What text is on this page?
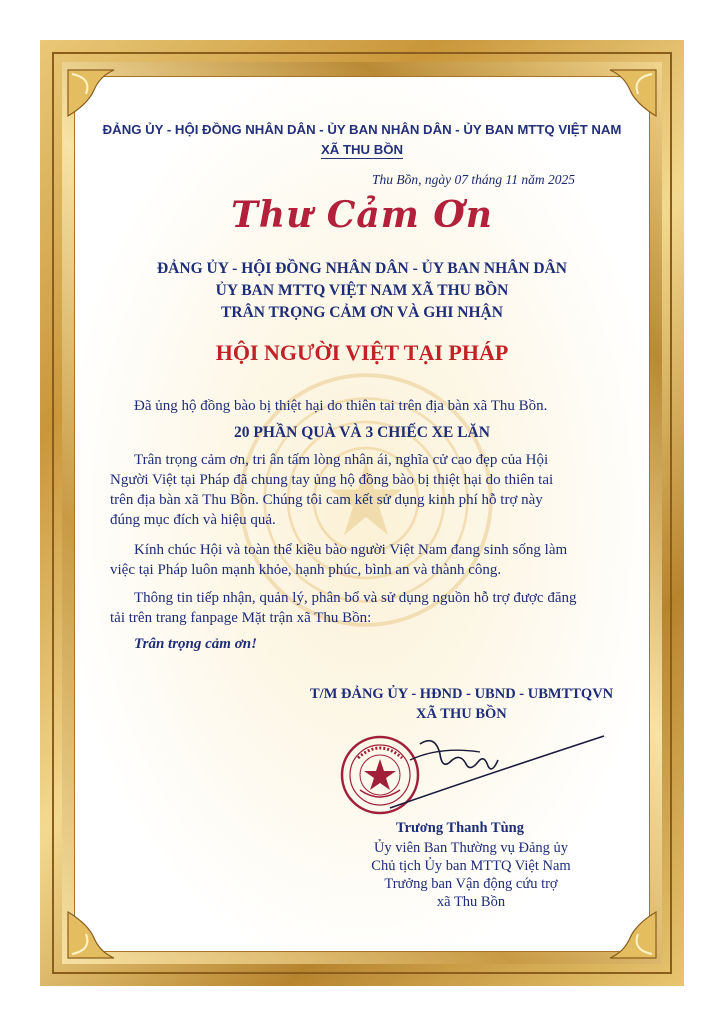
ĐẢNG ỦY - HỘI ĐỒNG NHÂN DÂN - ỦY BAN NHÂN DÂN - ỦY BAN MTTQ VIỆT NAM
XÃ THU BỒN
Thu Bồn, ngày 07 tháng 11 năm 2025
Thư Cảm Ơn
ĐẢNG ỦY - HỘI ĐỒNG NHÂN DÂN - ỦY BAN NHÂN DÂN
ỦY BAN MTTQ VIỆT NAM XÃ THU BỒN
TRÂN TRỌNG CẢM ƠN VÀ GHI NHẬN
HỘI NGƯỜI VIỆT TẠI PHÁP
Đã ủng hộ đồng bào bị thiệt hại do thiên tai trên địa bàn xã Thu Bồn.
20 PHẦN QUÀ VÀ 3 CHIẾC XE LĂN
Trân trọng cảm ơn, tri ân tấm lòng nhân ái, nghĩa cử cao đẹp của Hội
Người Việt tại Pháp đã chung tay ủng hộ đồng bào bị thiệt hại do thiên tai
trên địa bàn xã Thu Bồn. Chúng tôi cam kết sử dụng kinh phí hỗ trợ này
đúng mục đích và hiệu quả.
Kính chúc Hội và toàn thể kiều bào người Việt Nam đang sinh sống làm
việc tại Pháp luôn mạnh khỏe, hạnh phúc, bình an và thành công.
Thông tin tiếp nhận, quản lý, phân bổ và sử dụng nguồn hỗ trợ được đăng
tải trên trang fanpage Mặt trận xã Thu Bồn:
Trân trọng cảm ơn!
T/M ĐẢNG ỦY - HĐND - UBND - UBMTTQVN
XÃ THU BỒN
Trương Thanh Tùng
Ủy viên Ban Thường vụ Đảng ủy
Chủ tịch Ủy ban MTTQ Việt Nam
Trưởng ban Vận động cứu trợ
xã Thu Bồn
